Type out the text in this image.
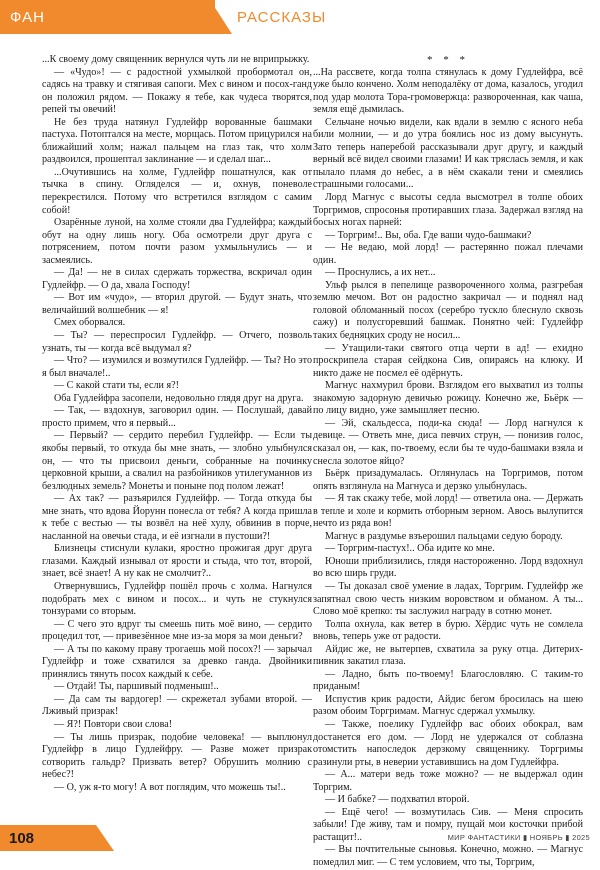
ФАН	РАССКАЗЫ

...К своему дому священник вернулся чуть ли не вприпрыжку.

— «Чудо»! — с радостной ухмылкой пробормотал он, садясь на травку и стягивая сапоги. Мех с вином и посох-ганд он положил рядом. — Покажу я тебе, как чудеса творятся, репей ты овечий!

Не без труда натянул Гудлейфр ворованные башмаки пастуха. Потоптался на месте, морщась. Потом прицурился на ближайший холм; нажал пальцем на глаз так, что холм раздвоился, прошептал заклинание — и сделал шаг...

...Очутившись на холме, Гудлейфр пошатнулся, как от тычка в спину. Огляделся — и, охнув, поневоле перекрестился. Потому что встретился взглядом с самим собой!

Озарённые луной, на холме стояли два Гудлейфра; каждый обут на одну лишь ногу. Оба осмотрели друг друга с потрясением, потом почти разом ухмыльнулись — и засмеялись.

— Да! — не в силах сдержать торжества, вскричал один Гудлейфр. — О да, хвала Господу!

— Вот им «чудо», — вторил другой. — Будут знать, что величайший волшебник — я!

Смех оборвался.

— Ты? — переспросил Гудлейфр. — Отчего, позволь узнать, ты — когда всё выдумал я?

— Что? — изумился и возмутился Гудлейфр. — Ты? Но это я был вначале!..

— С какой стати ты, если я?!

Оба Гудлейфра засопели, недовольно глядя друг на друга.

— Так, — вздохнув, заговорил один. — Послушай, давай просто примем, что я первый...

— Первый? — сердито перебил Гудлейфр. — Если ты якобы первый, то откуда бы мне знать, — злобно улыбнулся он, — что ты присвоил деньги, собранные на починку церковной крыши, а свалил на разбойников утилегуманнов из безлюдных земель? Монеты и поныне под полом лежат!

— Ах так? — разъярился Гудлейфр. — Тогда откуда бы мне знать, что вдова Йорунн понесла от тебя? А когда пришла к тебе с вестью — ты возвёл на неё хулу, обвинив в порче, насланной на овечьи стада, и её изгнали в пустоши?!

Близнецы стиснули кулаки, яростно прожигая друг друга глазами. Каждый изнывал от ярости и стыда, что тот, второй, знает, всё знает! А ну как не смолчит?..

Отвернувшись, Гудлейфр пошёл прочь с холма. Нагнулся подобрать мех с вином и посох... и чуть не стукнулся тонзурами со вторым.

— С чего это вдруг ты смеешь пить моё вино, — сердито процедил тот, — привезённое мне из-за моря за мои деньги?

— А ты по какому праву трогаешь мой посох?! — зарычал Гудлейфр и тоже схватился за древко ганда. Двойники принялись тянуть посох каждый к себе.

— Отдай! Ты, паршивый подменыш!..

— Да сам ты вардогер! — скрежетал зубами второй. — Лживый призрак!

— Я?! Повтори свои слова!

— Ты лишь призрак, подобие человека! — выплюнул Гудлейфр в лицо Гудлейфру. — Разве может призрак сотворить гальдр? Призвать ветер? Обрушить молнию с небес?!

— О, уж я-то могу! А вот поглядим, что можешь ты!..

* * *

...На рассвете, когда толпа стянулась к дому Гудлейфра, всё уже было кончено. Холм неподалёку от дома, казалось, угодил под удар молота Тора-громовержца: развороченная, как чаша, земля ещё дымилась.

Сельчане ночью видели, как вдали в землю с ясного неба били молнии, — и до утра боялись нос из дому высунуть. Зато теперь наперебой рассказывали друг другу, и каждый верный всё видел своими глазами! И как тряслась земля, и как пылало пламя до небес, а в нём скакали тени и смеялись страшными голосами...

Лорд Магнус с высоты седла высмотрел в толпе обоих Торгримов, спросонья протиравших глаза. Задержал взгляд на босых ногах парней:

— Торгрим!.. Вы, оба. Где ваши чудо-башмаки?

— Не ведаю, мой лорд! — растерянно пожал плечами один.

— Проснулись, а их нет...

Ульф рылся в пепелище развороченного холма, разгребая землю мечом. Вот он радостно закричал — и поднял над головой обломанный посох (серебро тускло блеснуло сквозь сажу) и полусгоревший башмак. Понятно чей: Гудлейфр таких бедняцких сроду не носил...

— Утащили-таки святого отца черти в ад! — ехидно проскрипела старая сейдкона Сив, опираясь на клюку. И никто даже не посмел её одёрнуть.

Магнус нахмурил брови. Взглядом его выхватил из толпы знакомую задорную девичью рожицу. Конечно же, Бьёрк — по лицу видно, уже замышляет песню.

— Эй, скальдесса, поди-ка сюда! — Лорд нагнулся к девице. — Ответь мне, диса певчих струн, — понизив голос, сказал он, — как, по-твоему, если бы те чудо-башмаки взяла и снесла золотое яйцо?

Бьёрк призадумалась. Оглянулась на Торгримов, потом опять взглянула на Магнуса и дерзко улыбнулась.

— Я так скажу тебе, мой лорд! — ответила она. — Держать в тепле и холе и кормить отборным зерном. Авось вылупится нечто из ряда вон!

Магнус в раздумье взъерошил пальцами седую бороду.

— Торгрим-пастух!.. Оба идите ко мне.

Юноши приблизились, глядя настороженно. Лорд вздохнул во всю ширь груди.

— Ты доказал своё умение в ладах, Торгрим. Гудлейфр же запятнал свою честь низким воровством и обманом. А ты... Слово моё крепко: ты заслужил награду в сотню монет.

Толпа охнула, как ветер в бурю. Хёрдис чуть не сомлела вновь, теперь уже от радости.

Айдис же, не вытерпев, схватила за руку отца. Дитерих-пивник закатил глаза.

— Ладно, быть по-твоему! Благословляю. С таким-то приданым!

Испустив крик радости, Айдис бегом бросилась на шею разом обоим Торгримам. Магнус сдержал ухмылку.

— Также, поелику Гудлейфр вас обоих обокрал, вам достанется его дом. — Лорд не удержался от соблазна отомстить напоследок дерзкому священнику. Торгримы разинули рты, в неверии уставившись на дом Гудлейфра.

— А... матери ведь тоже можно? — не выдержал один Торгрим.

— И бабке? — подхватил второй.

— Ещё чего! — возмутилась Сив. — Меня спросить забыли! Где живу, там и помру, пущай мои косточки прибой растащит!..

— Вы почтительные сыновья. Конечно, можно. — Магнус помедлил миг. — С тем условием, что ты, Торгрим,

108	МИР ФАНТАСТИКИ ▮ НОЯБРЬ ▮ 2025
